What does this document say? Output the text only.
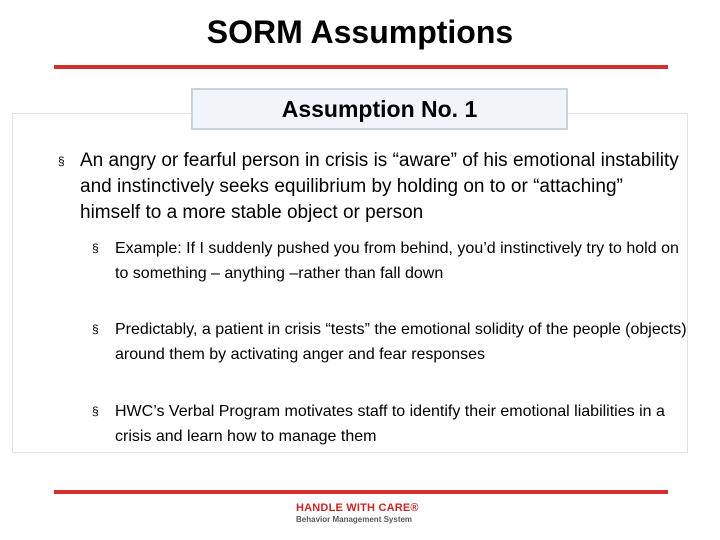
SORM Assumptions
Assumption No. 1
§ An angry or fearful person in crisis is “aware” of his emotional instability and instinctively seeks equilibrium by holding on to or “attaching” himself to a more stable object or person
§	Example: If I suddenly pushed you from behind, you’d instinctively try to hold on to something – anything –rather than fall down
§	Predictably, a patient in crisis “tests” the emotional solidity of the people (objects) around them by activating anger and fear responses
§	HWC’s Verbal Program motivates staff to identify their emotional liabilities in a crisis and learn how to manage them
HANDLE WITH CARE®
Behavior Management System
